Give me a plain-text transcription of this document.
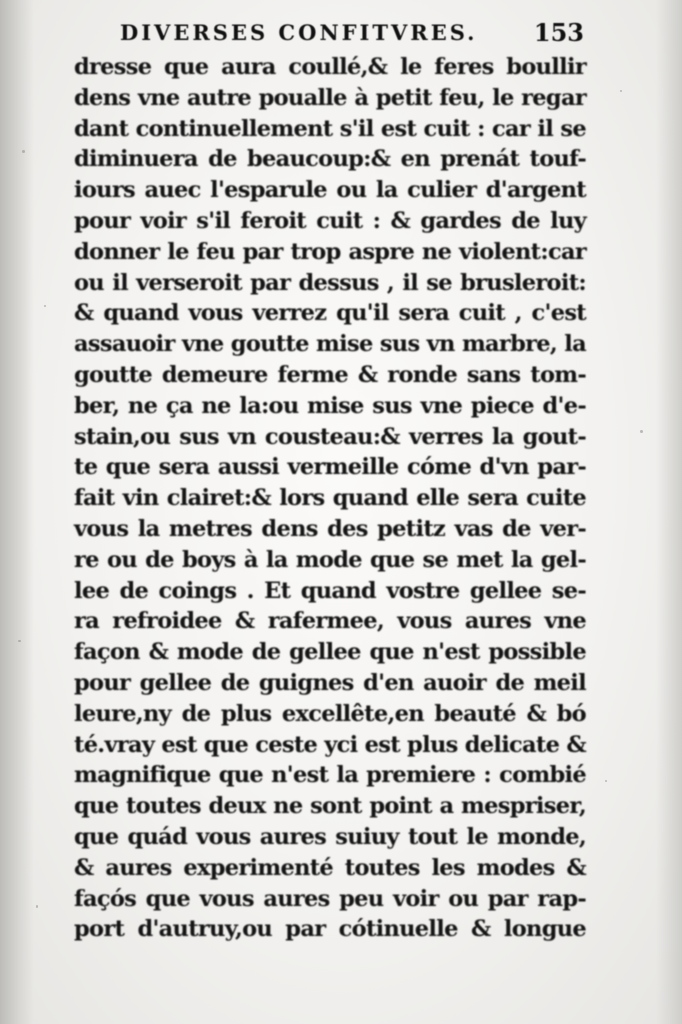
DIVERSES CONFITVRES. 153
dresse que aura coullé,& le feres boullir
dens vne autre poualle à petit feu, le regar
dant continuellement s'il est cuit : car il se
diminuera de beaucoup:& en prenát touf-
iours auec l'esparule ou la culier d'argent
pour voir s'il feroit cuit : & gardes de luy
donner le feu par trop aspre ne violent:car
ou il verseroit par dessus , il se brusleroit:
& quand vous verrez qu'il sera cuit , c'est
assauoir vne goutte mise sus vn marbre, la
goutte demeure ferme & ronde sans tom-
ber, ne ça ne la:ou mise sus vne piece d'e-
stain,ou sus vn cousteau:& verres la gout-
te que sera aussi vermeille cóme d'vn par-
fait vin clairet:& lors quand elle sera cuite
vous la metres dens des petitz vas de ver-
re ou de boys à la mode que se met la gel-
lee de coings . Et quand vostre gellee se-
ra refroidee & rafermee, vous aures vne
façon & mode de gellee que n'est possible
pour gellee de guignes d'en auoir de meil
leure,ny de plus excellête,en beauté & bó
té.vray est que ceste yci est plus delicate &
magnifique que n'est la premiere : combié
que toutes deux ne sont point a mespriser,
que quád vous aures suiuy tout le monde,
& aures experimenté toutes les modes &
façós que vous aures peu voir ou par rap-
port d'autruy,ou par cótinuelle & longue
